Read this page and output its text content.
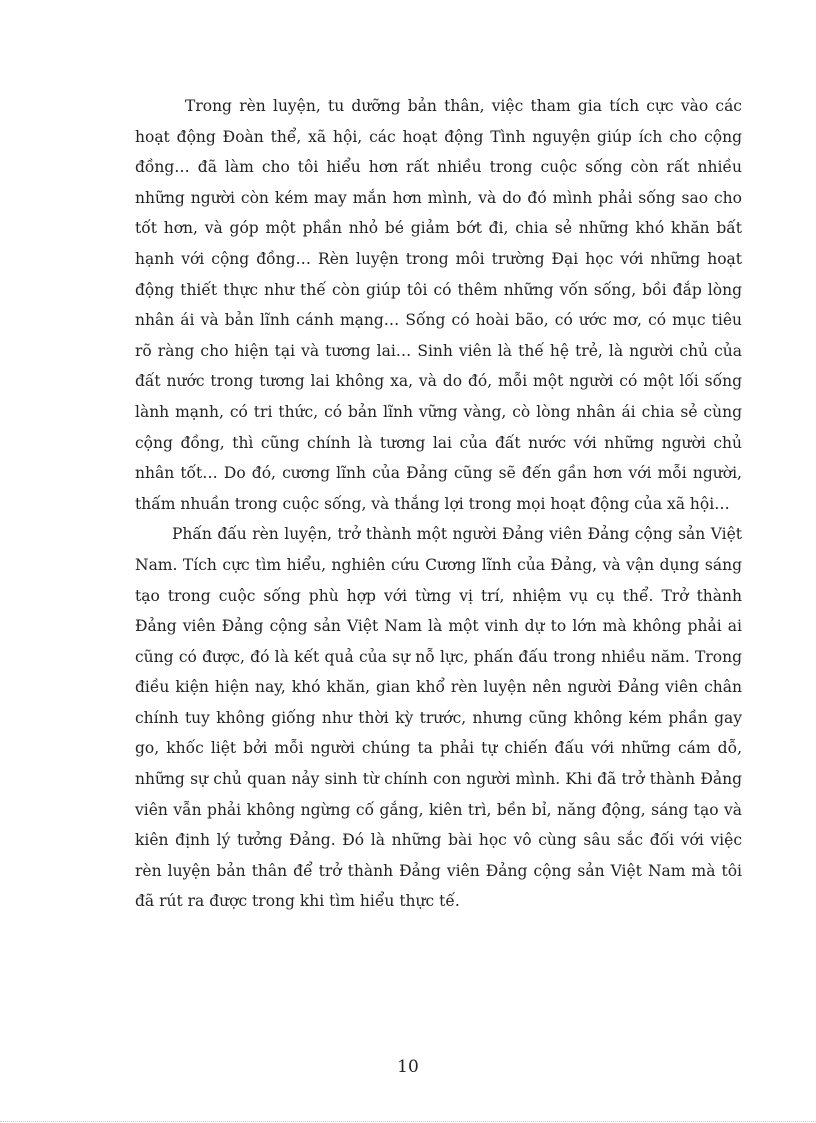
Trong rèn luyện, tu dưỡng bản thân, việc tham gia tích cực vào các hoạt động Đoàn thể, xã hội, các hoạt động Tình nguyện giúp ích cho cộng đồng… đã làm cho tôi hiểu hơn rất nhiều trong cuộc sống còn rất nhiều những người còn kém may mắn hơn mình, và do đó mình phải sống sao cho tốt hơn, và góp một phần nhỏ bé giảm bớt đi, chia sẻ những khó khăn bất hạnh với cộng đồng… Rèn luyện trong môi trường Đại học với những hoạt động thiết thực như thế còn giúp tôi có thêm những vốn sống, bồi đắp lòng nhân ái và bản lĩnh cánh mạng… Sống có hoài bão, có ước mơ, có mục tiêu rõ ràng cho hiện tại và tương lai… Sinh viên là thế hệ trẻ, là người chủ của đất nước trong tương lai không xa, và do đó, mỗi một người có một lối sống lành mạnh, có tri thức, có bản lĩnh vững vàng, cò lòng nhân ái chia sẻ cùng cộng đồng, thì cũng chính là tương lai của đất nước với những người chủ nhân tốt… Do đó, cương lĩnh của Đảng cũng sẽ đến gần hơn với mỗi người, thấm nhuần trong cuộc sống, và thắng lợi trong mọi hoạt động của xã hội…

Phấn đấu rèn luyện, trở thành một người Đảng viên Đảng cộng sản Việt Nam. Tích cực tìm hiểu, nghiên cứu Cương lĩnh của Đảng, và vận dụng sáng tạo trong cuộc sống phù hợp với từng vị trí, nhiệm vụ cụ thể. Trở thành Đảng viên Đảng cộng sản Việt Nam là một vinh dự to lớn mà không phải ai cũng có được, đó là kết quả của sự nỗ lực, phấn đấu trong nhiều năm. Trong điều kiện hiện nay, khó khăn, gian khổ rèn luyện nên người Đảng viên chân chính tuy không giống như thời kỳ trước, nhưng cũng không kém phần gay go, khốc liệt bởi mỗi người chúng ta phải tự chiến đấu với những cám dỗ, những sự chủ quan nảy sinh từ chính con người mình. Khi đã trở thành Đảng viên vẫn phải không ngừng cố gắng, kiên trì, bền bỉ, năng động, sáng tạo và kiên định lý tưởng Đảng. Đó là những bài học vô cùng sâu sắc đối với việc rèn luyện bản thân để trở thành Đảng viên Đảng cộng sản Việt Nam mà tôi đã rút ra được trong khi tìm hiểu thực tế.

10
